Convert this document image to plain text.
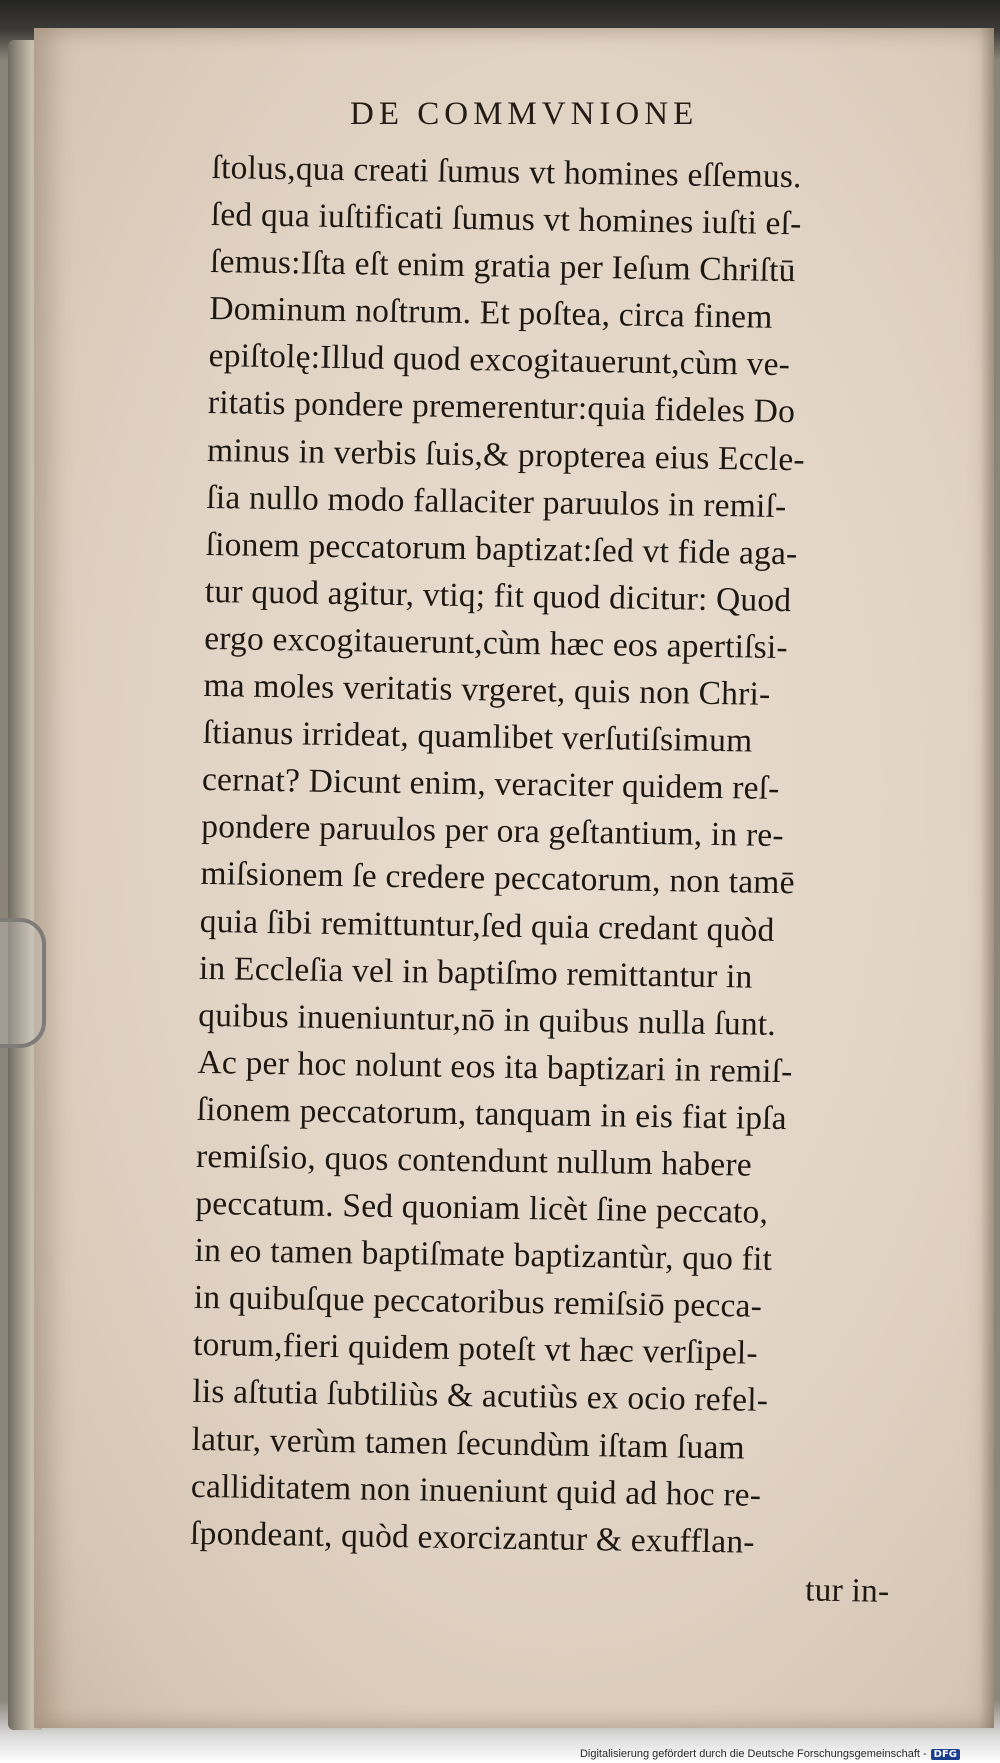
DE COMMVNIONE
ſtolus,qua creati ſumus vt homines eſſemus.
ſed qua iuſtificati ſumus vt homines iuſti eſ-
ſemus:Iſta eſt enim gratia per Ieſum Chriſtū
Dominum noſtrum. Et poſtea, circa finem
epiſtolę:Illud quod excogitauerunt,cùm ve-
ritatis pondere premerentur:quia fideles Do
minus in verbis ſuis,& propterea eius Eccle-
ſia nullo modo fallaciter paruulos in remiſ-
ſionem peccatorum baptizat:ſed vt fide aga-
tur quod agitur, vtiq; fit quod dicitur: Quod
ergo excogitauerunt,cùm hæc eos apertiſsi-
ma moles veritatis vrgeret, quis non Chri-
ſtianus irrideat, quamlibet verſutiſsimum
cernat? Dicunt enim, veraciter quidem reſ-
pondere paruulos per ora geſtantium, in re-
miſsionem ſe credere peccatorum, non tamē
quia ſibi remittuntur,ſed quia credant quòd
in Eccleſia vel in baptiſmo remittantur in
quibus inueniuntur,nō in quibus nulla ſunt.
Ac per hoc nolunt eos ita baptizari in remiſ-
ſionem peccatorum, tanquam in eis fiat ipſa
remiſsio, quos contendunt nullum habere
peccatum. Sed quoniam licèt ſine peccato,
in eo tamen baptiſmate baptizantùr, quo fit
in quibuſque peccatoribus remiſsiō pecca-
torum,fieri quidem poteſt vt hæc verſipel-
lis aſtutia ſubtiliùs & acutiùs ex ocio refel-
latur, verùm tamen ſecundùm iſtam ſuam
calliditatem non inueniunt quid ad hoc re-
ſpondeant, quòd exorcizantur & exufflan-
tur in-
Digitalisierung gefördert durch die Deutsche Forschungsgemeinschaft - DFG
